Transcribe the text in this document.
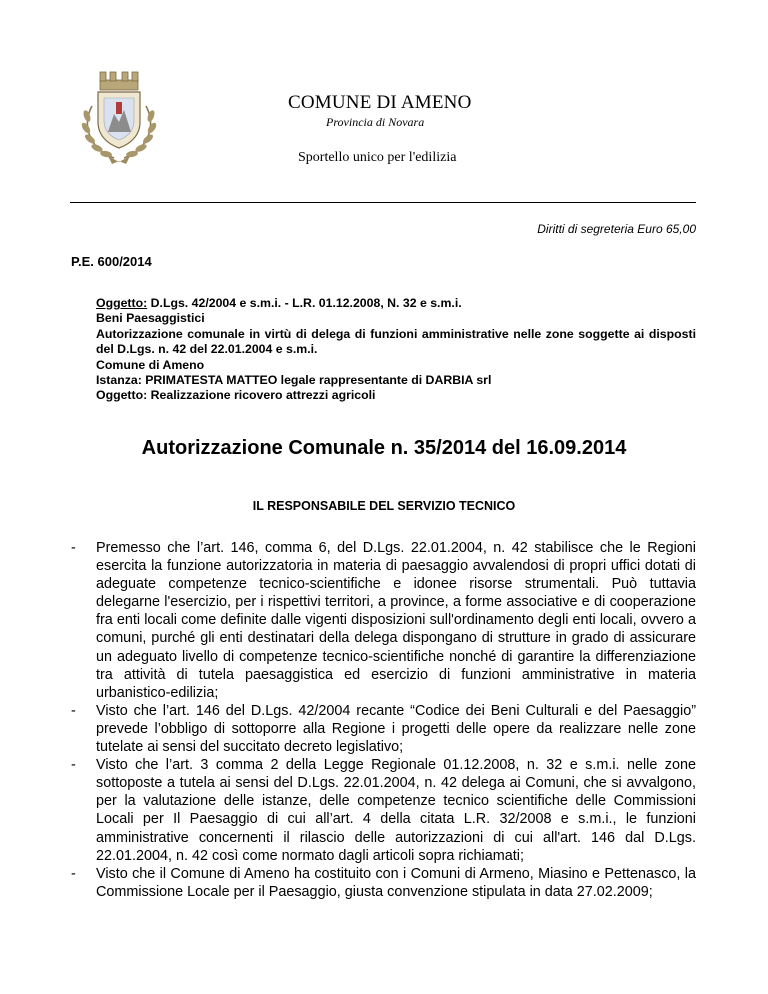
COMUNE DI AMENO
Provincia di Novara
Sportello unico per l'edilizia
Diritti di segreteria Euro 65,00
P.E. 600/2014
Oggetto: D.Lgs. 42/2004 e s.m.i. - L.R. 01.12.2008, N. 32 e s.m.i.
Beni Paesaggistici
Autorizzazione comunale in virtù di delega di funzioni amministrative nelle zone soggette ai disposti del D.Lgs. n. 42 del 22.01.2004 e s.m.i.
Comune di Ameno
Istanza: PRIMATESTA MATTEO legale rappresentante di DARBIA srl
Oggetto: Realizzazione ricovero attrezzi agricoli
Autorizzazione Comunale n. 35/2014 del 16.09.2014
IL RESPONSABILE DEL SERVIZIO TECNICO

- Premesso che l’art. 146, comma 6, del D.Lgs. 22.01.2004, n. 42 stabilisce che le Regioni esercita la funzione autorizzatoria in materia di paesaggio avvalendosi di propri uffici dotati di adeguate competenze tecnico-scientifiche e idonee risorse strumentali. Può tuttavia delegarne l'esercizio, per i rispettivi territori, a province, a forme associative e di cooperazione fra enti locali come definite dalle vigenti disposizioni sull'ordinamento degli enti locali, ovvero a comuni, purché gli enti destinatari della delega dispongano di strutture in grado di assicurare un adeguato livello di competenze tecnico-scientifiche nonché di garantire la differenziazione tra attività di tutela paesaggistica ed esercizio di funzioni amministrative in materia urbanistico-edilizia;

- Visto che l’art. 146 del D.Lgs. 42/2004 recante “Codice dei Beni Culturali e del Paesaggio” prevede l’obbligo di sottoporre alla Regione i progetti delle opere da realizzare nelle zone tutelate ai sensi del succitato decreto legislativo;

- Visto che l’art. 3 comma 2 della Legge Regionale 01.12.2008, n. 32 e s.m.i. nelle zone sottoposte a tutela ai sensi del D.Lgs. 22.01.2004, n. 42 delega ai Comuni, che si avvalgono, per la valutazione delle istanze, delle competenze tecnico scientifiche delle Commissioni Locali per Il Paesaggio di cui all’art. 4 della citata L.R. 32/2008 e s.m.i., le funzioni amministrative concernenti il rilascio delle autorizzazioni di cui all'art. 146 dal D.Lgs. 22.01.2004, n. 42 così come normato dagli articoli sopra richiamati;

- Visto che il Comune di Ameno ha costituito con i Comuni di Armeno, Miasino e Pettenasco, la Commissione Locale per il Paesaggio, giusta convenzione stipulata in data 27.02.2009;
